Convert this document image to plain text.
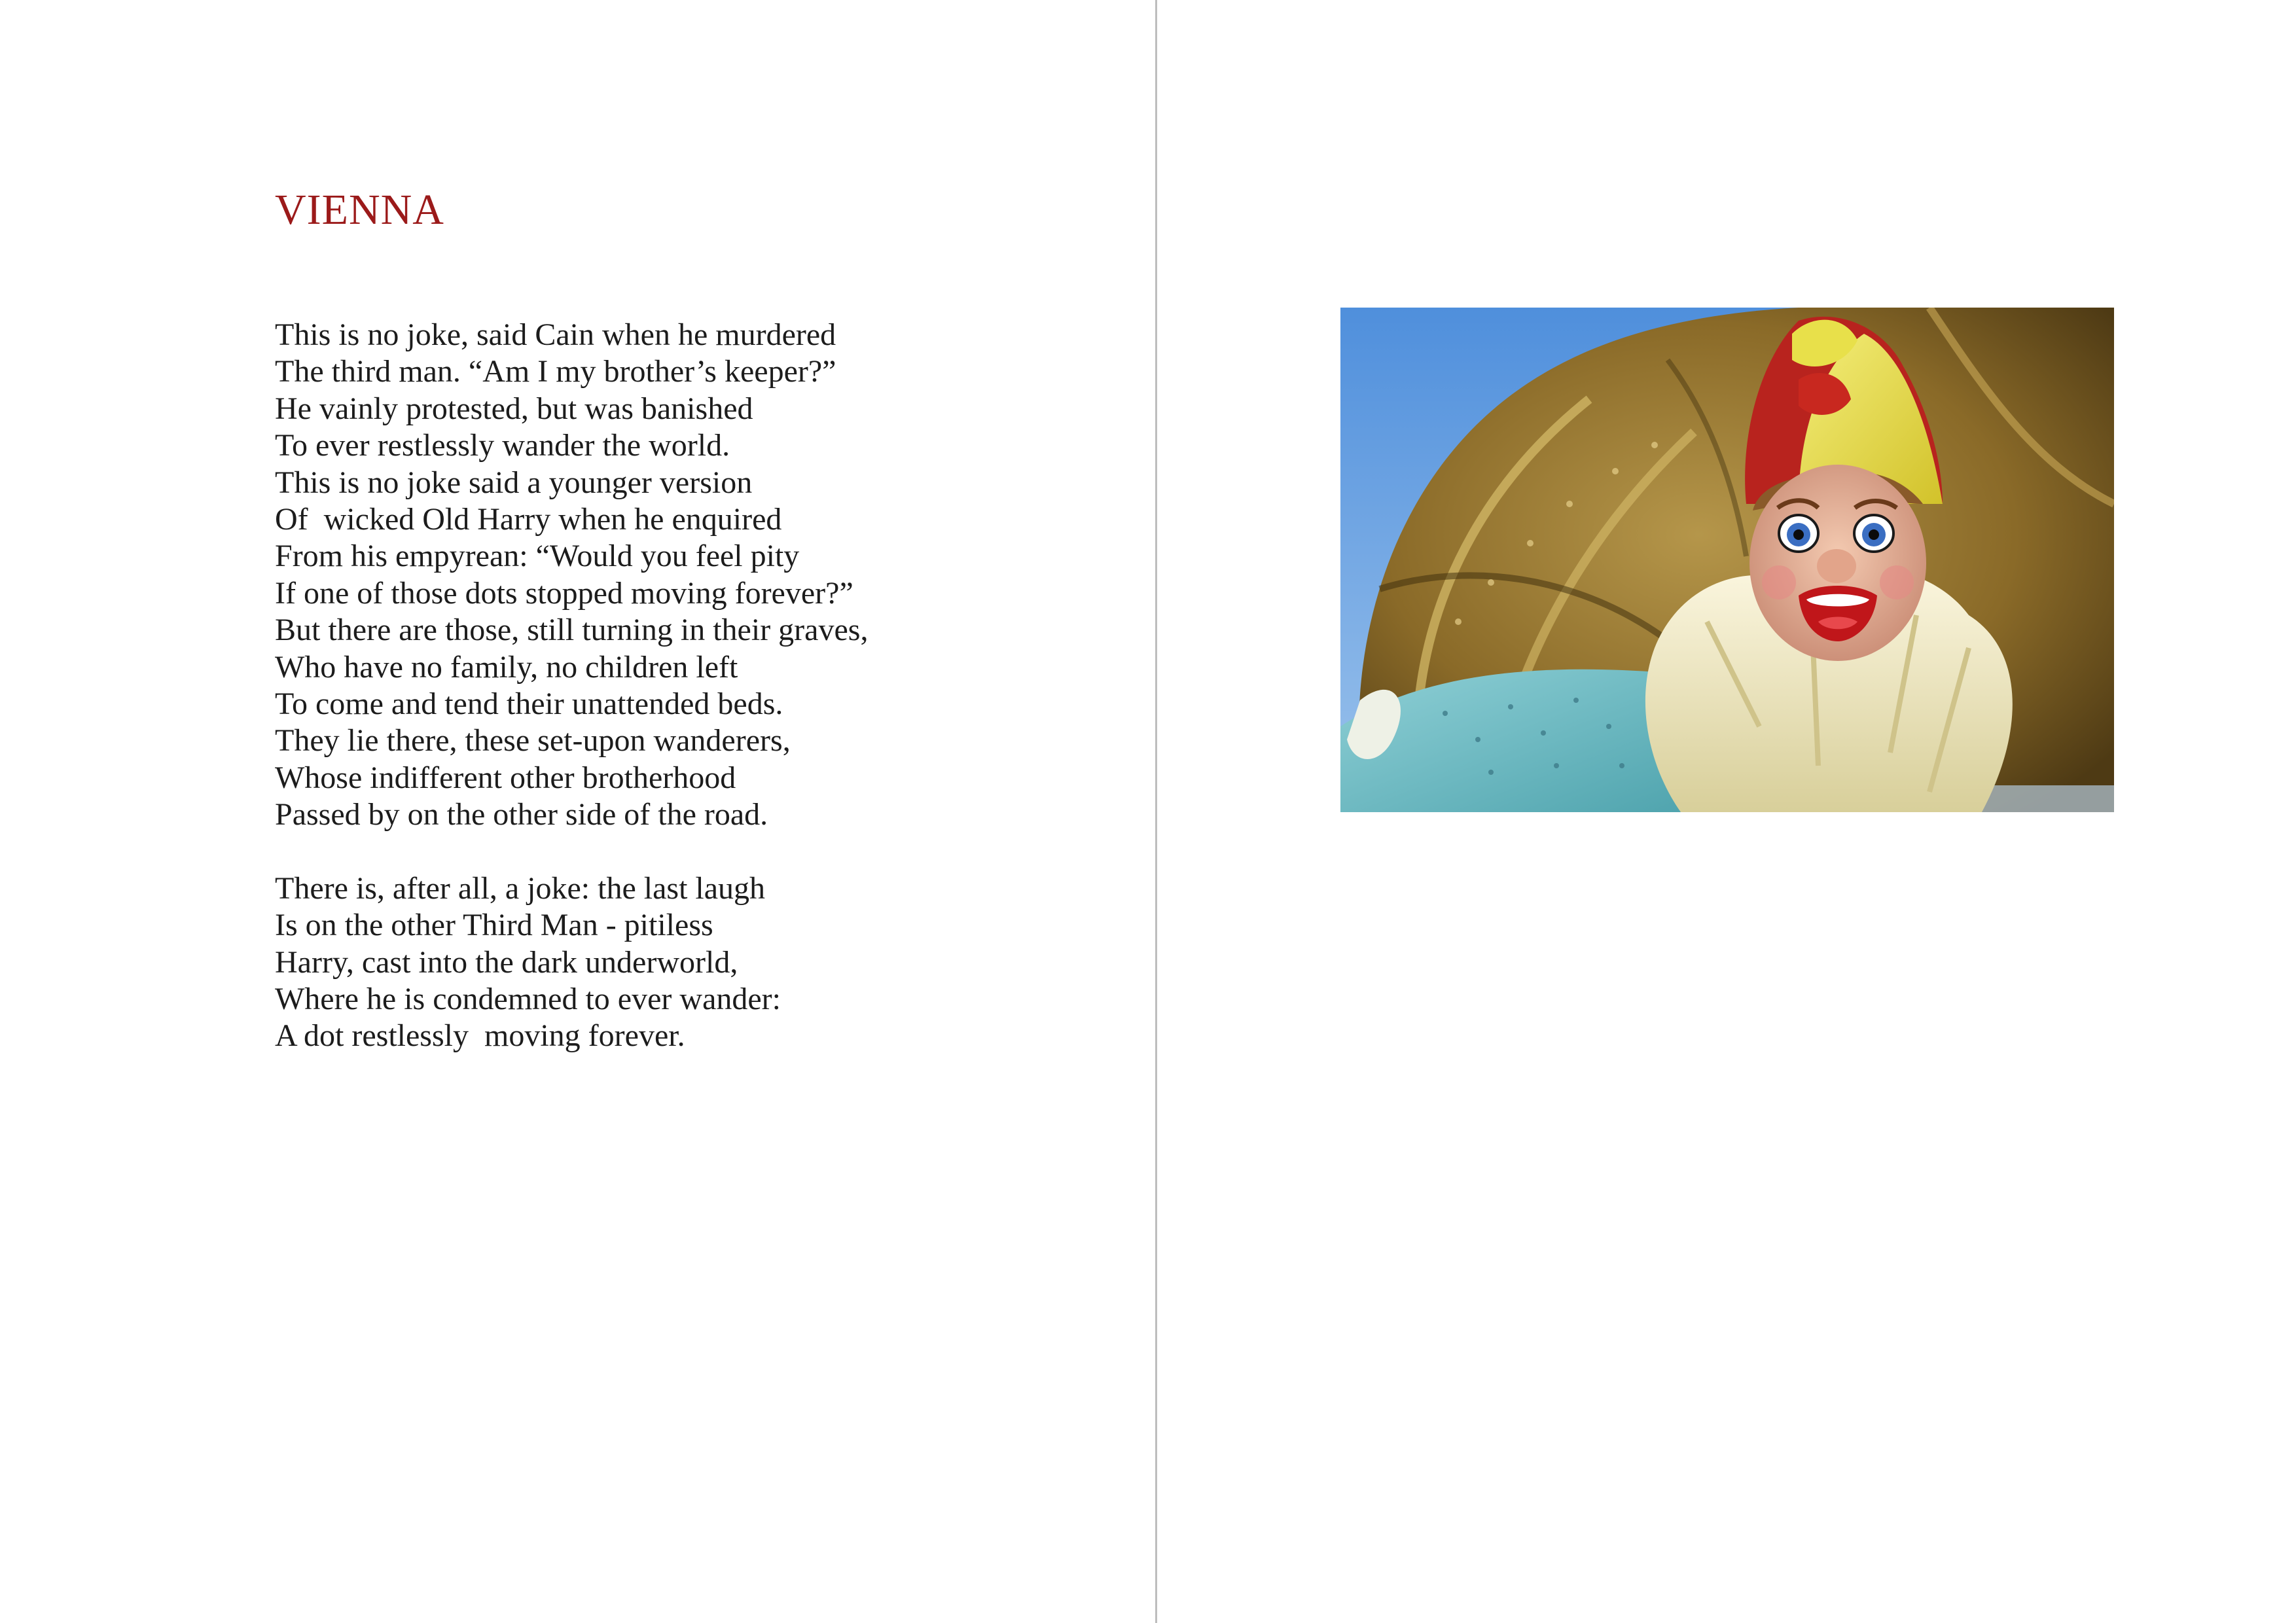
VIENNA
This is no joke, said Cain when he murdered
The third man. “Am I my brother’s keeper?”
He vainly protested, but was banished
To ever restlessly wander the world.
This is no joke said a younger version
Of  wicked Old Harry when he enquired
From his empyrean: “Would you feel pity
If one of those dots stopped moving forever?”
But there are those, still turning in their graves,
Who have no family, no children left
To come and tend their unattended beds.
They lie there, these set-upon wanderers,
Whose indifferent other brotherhood
Passed by on the other side of the road.
There is, after all, a joke: the last laugh
Is on the other Third Man - pitiless
Harry, cast into the dark underworld,
Where he is condemned to ever wander:
A dot restlessly  moving forever.
